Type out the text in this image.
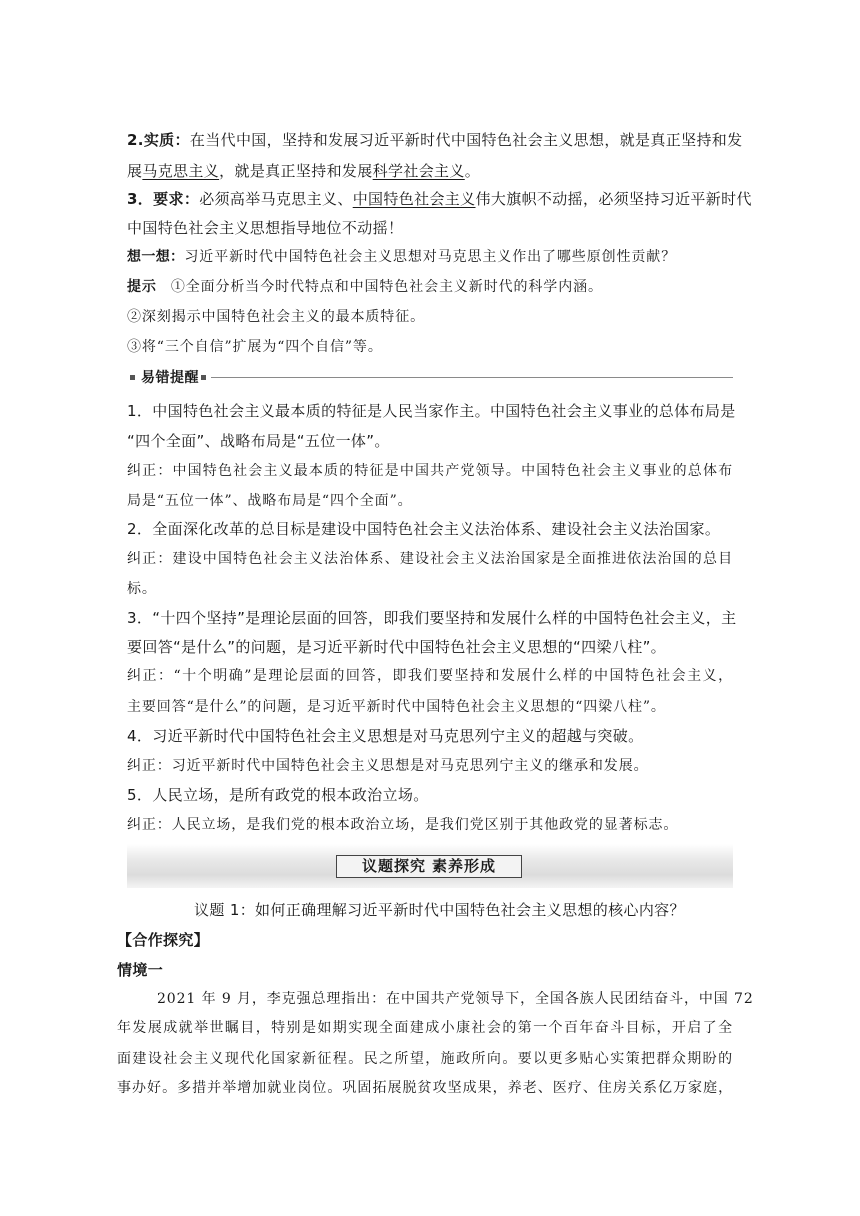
2.实质：在当代中国，坚持和发展习近平新时代中国特色社会主义思想，就是真正坚持和发
展马克思主义，就是真正坚持和发展科学社会主义。
3．要求：必须高举马克思主义、中国特色社会主义伟大旗帜不动摇，必须坚持习近平新时代
中国特色社会主义思想指导地位不动摇！
想一想：习近平新时代中国特色社会主义思想对马克思主义作出了哪些原创性贡献？
提示 ①全面分析当今时代特点和中国特色社会主义新时代的科学内涵。
②深刻揭示中国特色社会主义的最本质特征。
③将“三个自信”扩展为“四个自信”等。
易错提醒
1．中国特色社会主义最本质的特征是人民当家作主。中国特色社会主义事业的总体布局是
“四个全面”、战略布局是“五位一体”。
纠正：中国特色社会主义最本质的特征是中国共产党领导。中国特色社会主义事业的总体布
局是“五位一体”、战略布局是“四个全面”。
2．全面深化改革的总目标是建设中国特色社会主义法治体系、建设社会主义法治国家。
纠正：建设中国特色社会主义法治体系、建设社会主义法治国家是全面推进依法治国的总目
标。
3．“十四个坚持”是理论层面的回答，即我们要坚持和发展什么样的中国特色社会主义，主
要回答“是什么”的问题，是习近平新时代中国特色社会主义思想的“四梁八柱”。
纠正：“十个明确”是理论层面的回答，即我们要坚持和发展什么样的中国特色社会主义，
主要回答“是什么”的问题，是习近平新时代中国特色社会主义思想的“四梁八柱”。
4．习近平新时代中国特色社会主义思想是对马克思列宁主义的超越与突破。
纠正：习近平新时代中国特色社会主义思想是对马克思列宁主义的继承和发展。
5．人民立场，是所有政党的根本政治立场。
纠正：人民立场，是我们党的根本政治立场，是我们党区别于其他政党的显著标志。
议题探究 素养形成
议题 1：如何正确理解习近平新时代中国特色社会主义思想的核心内容？
【合作探究】
情境一
2021 年 9 月，李克强总理指出：在中国共产党领导下，全国各族人民团结奋斗，中国 72
年发展成就举世瞩目，特别是如期实现全面建成小康社会的第一个百年奋斗目标，开启了全
面建设社会主义现代化国家新征程。民之所望，施政所向。要以更多贴心实策把群众期盼的
事办好。多措并举增加就业岗位。巩固拓展脱贫攻坚成果，养老、医疗、住房关系亿万家庭，
